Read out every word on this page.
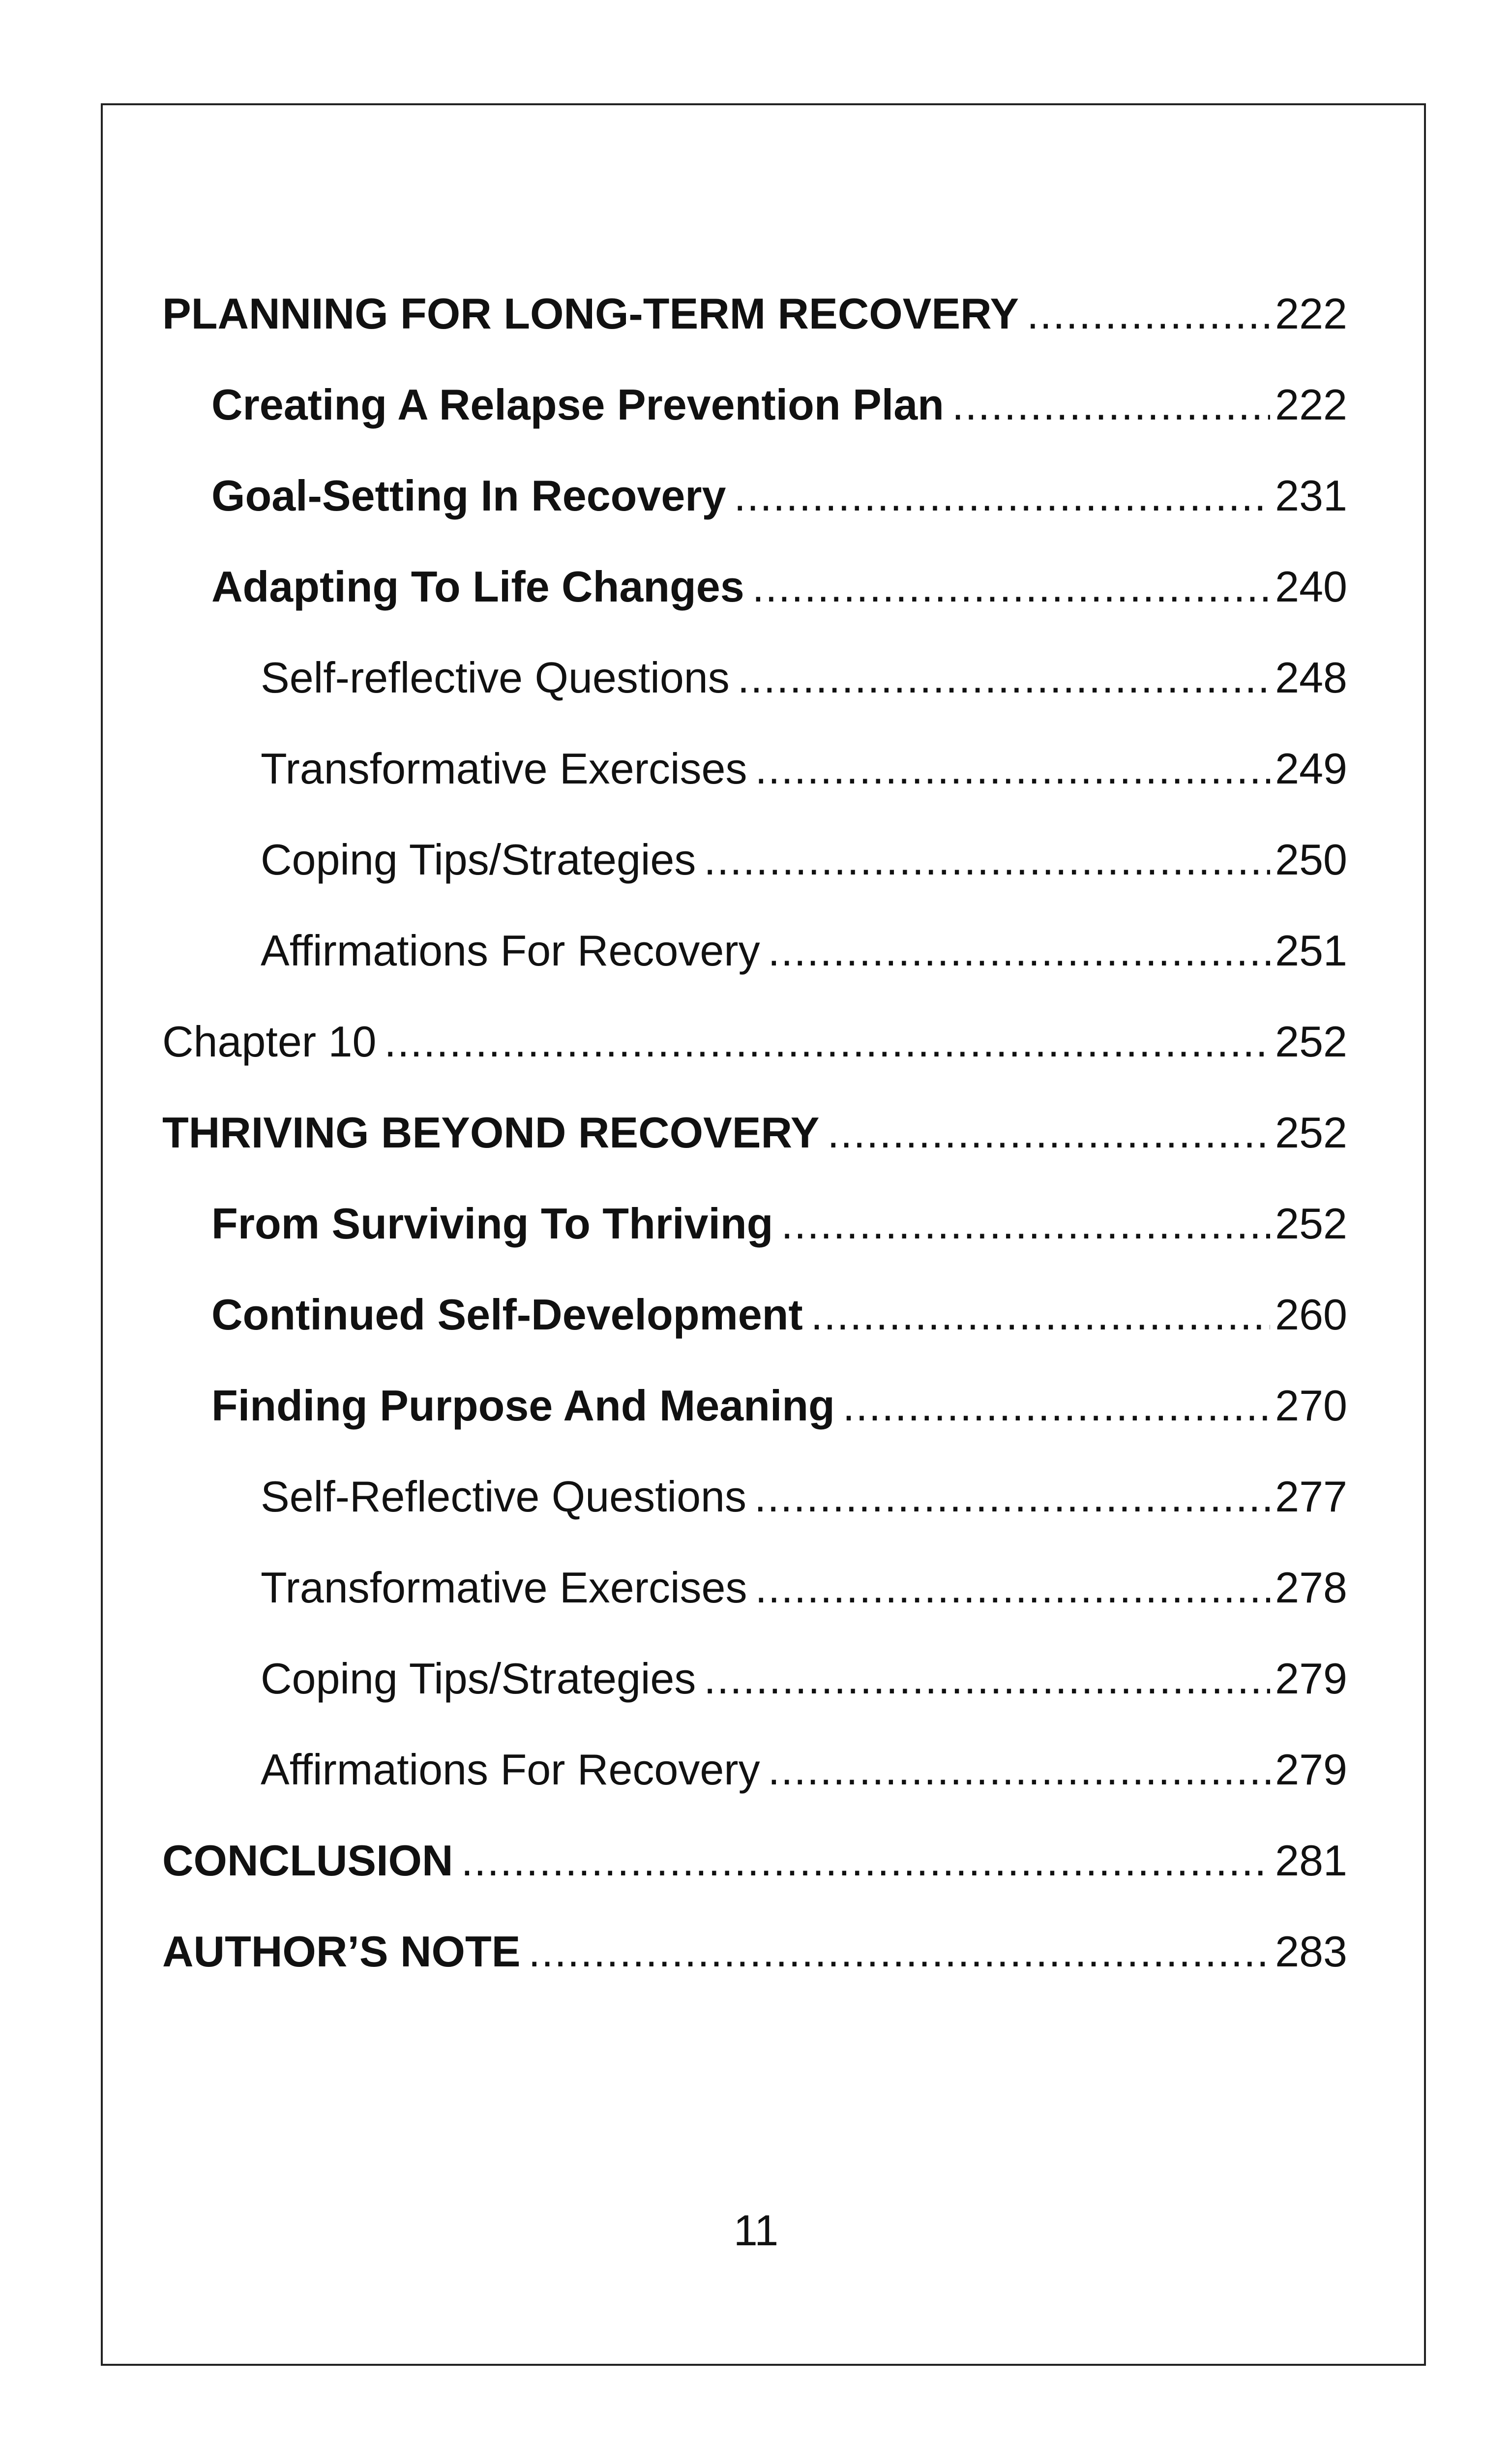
PLANNING FOR LONG-TERM RECOVERY .....	222
Creating A Relapse Prevention Plan .....	222
Goal-Setting In Recovery .....	231
Adapting To Life Changes .....	240
Self-reflective Questions .....	248
Transformative Exercises .....	249
Coping Tips/Strategies .....	250
Affirmations For Recovery .....	251
Chapter 10 .....	252
THRIVING BEYOND RECOVERY .....	252
From Surviving To Thriving .....	252
Continued Self-Development .....	260
Finding Purpose And Meaning .....	270
Self-Reflective Questions .....	277
Transformative Exercises .....	278
Coping Tips/Strategies .....	279
Affirmations For Recovery .....	279
CONCLUSION .....	281
AUTHOR’S NOTE .....	283
11
